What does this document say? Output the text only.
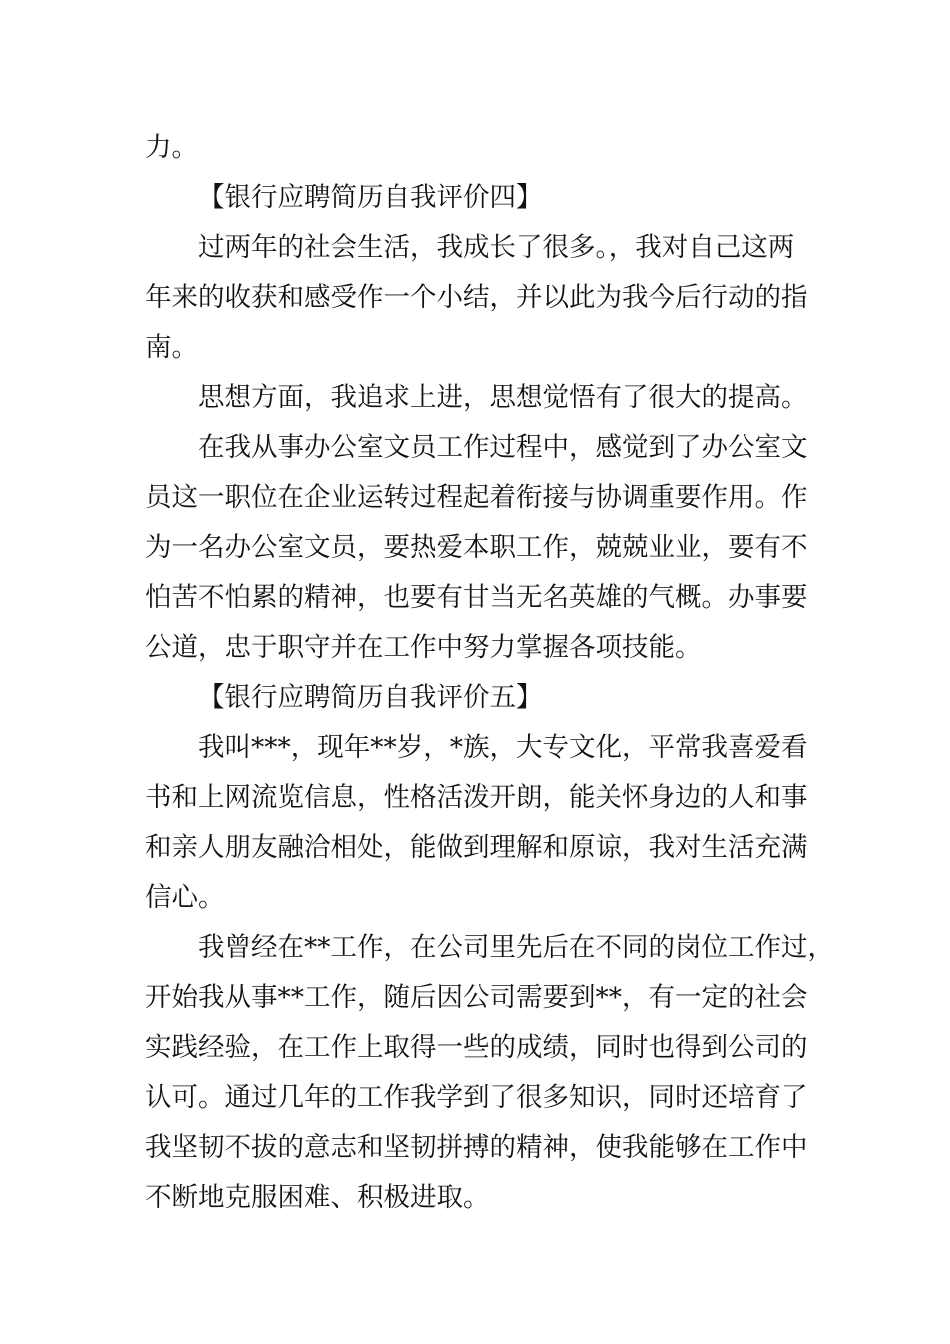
力。
【银行应聘简历自我评价四】
过两年的社会生活，我成长了很多。，我对自己这两
年来的收获和感受作一个小结，并以此为我今后行动的指
南。
思想方面，我追求上进，思想觉悟有了很大的提高。
在我从事办公室文员工作过程中，感觉到了办公室文
员这一职位在企业运转过程起着衔接与协调重要作用。作
为一名办公室文员，要热爱本职工作，兢兢业业，要有不
怕苦不怕累的精神，也要有甘当无名英雄的气概。办事要
公道，忠于职守并在工作中努力掌握各项技能。
【银行应聘简历自我评价五】
我叫***，现年**岁，*族，大专文化，平常我喜爱看
书和上网流览信息，性格活泼开朗，能关怀身边的人和事
和亲人朋友融洽相处，能做到理解和原谅，我对生活充满
信心。
我曾经在**工作，在公司里先后在不同的岗位工作过，
开始我从事**工作，随后因公司需要到**，有一定的社会
实践经验，在工作上取得一些的成绩，同时也得到公司的
认可。通过几年的工作我学到了很多知识，同时还培育了
我坚韧不拔的意志和坚韧拼搏的精神，使我能够在工作中
不断地克服困难、积极进取。
